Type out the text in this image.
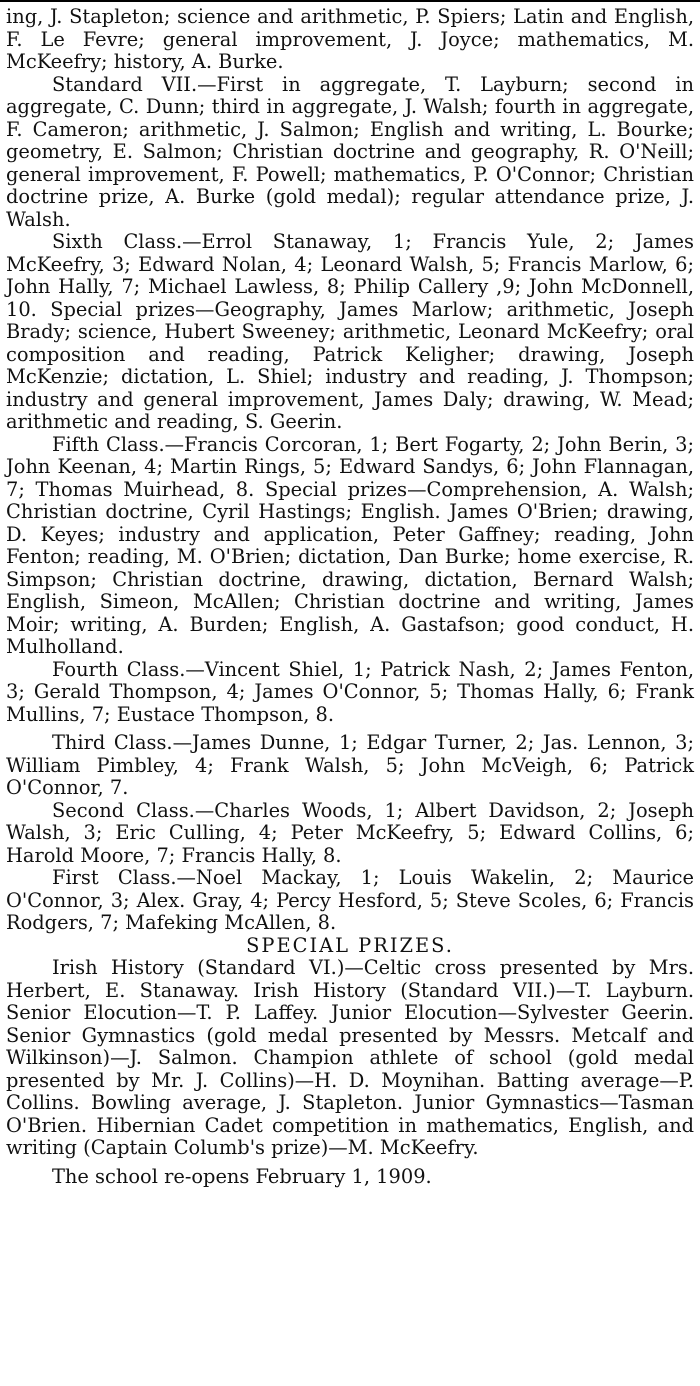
ing, J. Stapleton; science and arithmetic, P. Spiers; Latin and English, F. Le Fevre; general improvement, J. Joyce; mathematics, M. McKeefry; history, A. Burke.

Standard VII.—First in aggregate, T. Layburn; second in aggregate, C. Dunn; third in aggregate, J. Walsh; fourth in aggregate, F. Cameron; arithmetic, J. Salmon; English and writing, L. Bourke; geometry, E. Salmon; Christian doctrine and geography, R. O'Neill; general improvement, F. Powell; mathematics, P. O'Connor; Christian doctrine prize, A. Burke (gold medal); regular attendance prize, J. Walsh.

Sixth Class.—Errol Stanaway, 1; Francis Yule, 2; James McKeefry, 3; Edward Nolan, 4; Leonard Walsh, 5; Francis Marlow, 6; John Hally, 7; Michael Lawless, 8; Philip Callery ,9; John McDonnell, 10. Special prizes—Geography, James Marlow; arithmetic, Joseph Brady; science, Hubert Sweeney; arithmetic, Leonard McKeefry; oral composition and reading, Patrick Keligher; drawing, Joseph McKenzie; dictation, L. Shiel; industry and reading, J. Thompson; industry and general improvement, James Daly; drawing, W. Mead; arithmetic and reading, S. Geerin.

Fifth Class.—Francis Corcoran, 1; Bert Fogarty, 2; John Berin, 3; John Keenan, 4; Martin Rings, 5; Edward Sandys, 6; John Flannagan, 7; Thomas Muirhead, 8. Special prizes—Comprehension, A. Walsh; Christian doctrine, Cyril Hastings; English. James O'Brien; drawing, D. Keyes; industry and application, Peter Gaffney; reading, John Fenton; reading, M. O'Brien; dictation, Dan Burke; home exercise, R. Simpson; Christian doctrine, drawing, dictation, Bernard Walsh; English, Simeon, McAllen; Christian doctrine and writing, James Moir; writing, A. Burden; English, A. Gastafson; good conduct, H. Mulholland.

Fourth Class.—Vincent Shiel, 1; Patrick Nash, 2; James Fenton, 3; Gerald Thompson, 4; James O'Connor, 5; Thomas Hally, 6; Frank Mullins, 7; Eustace Thompson, 8.

Third Class.—James Dunne, 1; Edgar Turner, 2; Jas. Lennon, 3; William Pimbley, 4; Frank Walsh, 5; John McVeigh, 6; Patrick O'Connor, 7.

Second Class.—Charles Woods, 1; Albert Davidson, 2; Joseph Walsh, 3; Eric Culling, 4; Peter McKeefry, 5; Edward Collins, 6; Harold Moore, 7; Francis Hally, 8.

First Class.—Noel Mackay, 1; Louis Wakelin, 2; Maurice O'Connor, 3; Alex. Gray, 4; Percy Hesford, 5; Steve Scoles, 6; Francis Rodgers, 7; Mafeking McAllen, 8.

SPECIAL PRIZES.

Irish History (Standard VI.)—Celtic cross presented by Mrs. Herbert, E. Stanaway. Irish History (Standard VII.)—T. Layburn. Senior Elocution—T. P. Laffey. Junior Elocution—Sylvester Geerin. Senior Gymnastics (gold medal presented by Messrs. Metcalf and Wilkinson)—J. Salmon. Champion athlete of school (gold medal presented by Mr. J. Collins)—H. D. Moynihan. Batting average—P. Collins. Bowling average, J. Stapleton. Junior Gymnastics—Tasman O'Brien. Hibernian Cadet competition in mathematics, English, and writing (Captain Columb's prize)—M. McKeefry.

The school re-opens February 1, 1909.
